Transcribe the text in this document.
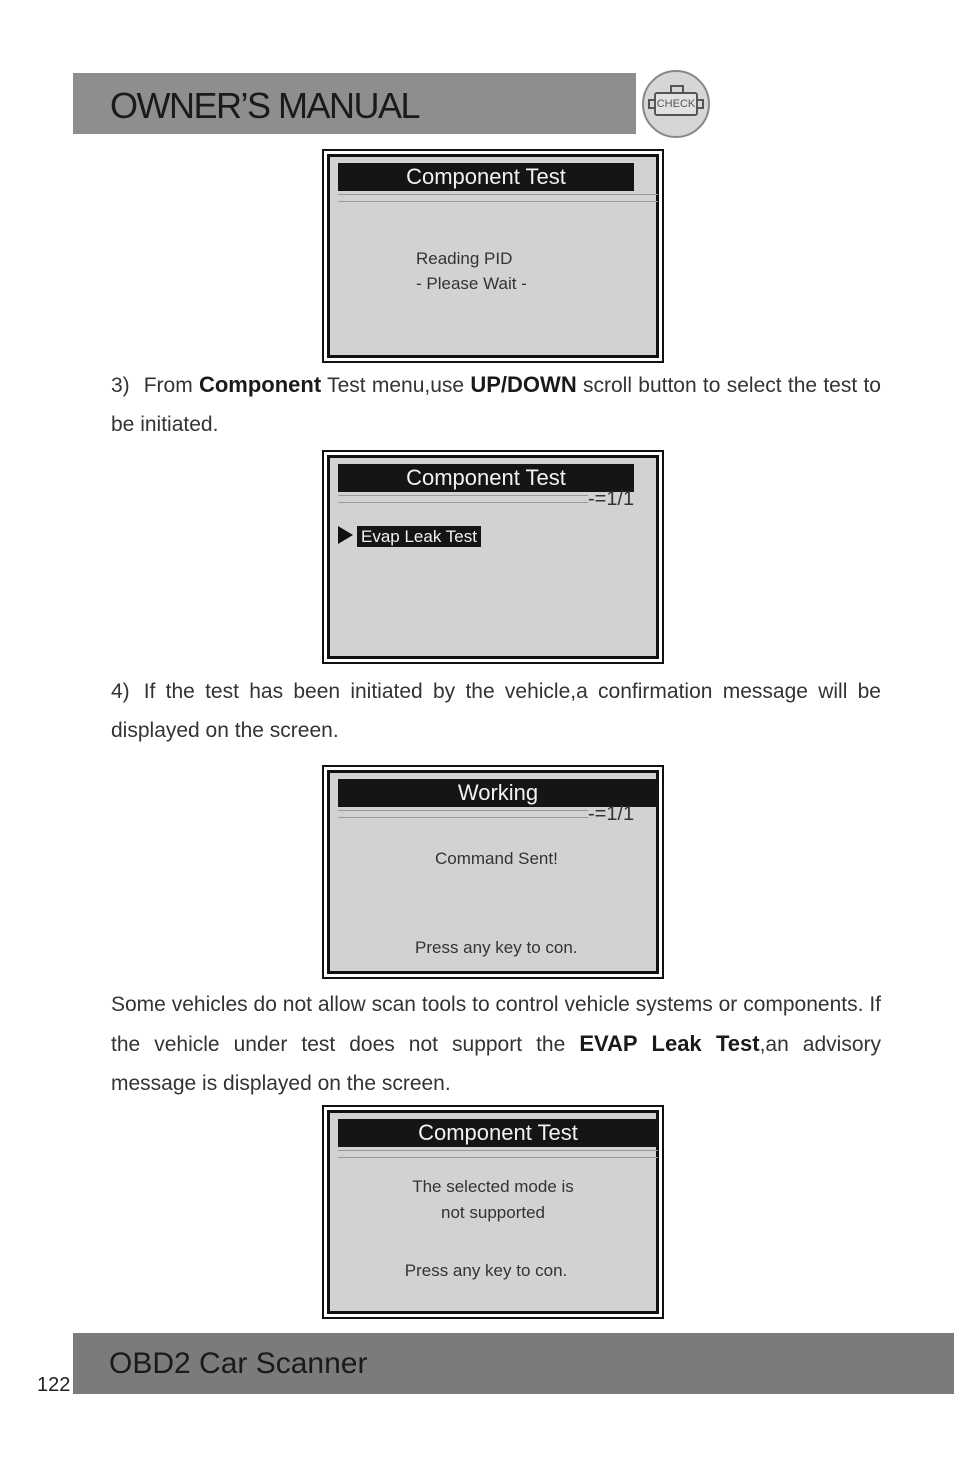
OWNER’S MANUAL	CHECK
Component Test
Reading PID
- Please Wait -
3) From Component Test menu,use UP/DOWN scroll button to select the test to be initiated.
Component Test
-=1/1
Evap Leak Test
4) If the test has been initiated by the vehicle,a confirmation message will be displayed on the screen.
Working
-=1/1
Command Sent!
Press any key to con.
Some vehicles do not allow scan tools to control vehicle systems or components. If the vehicle under test does not support the EVAP Leak Test,an advisory message is displayed on the screen.
Component Test
The selected mode is
not supported
Press any key to con.
OBD2 Car Scanner
122
